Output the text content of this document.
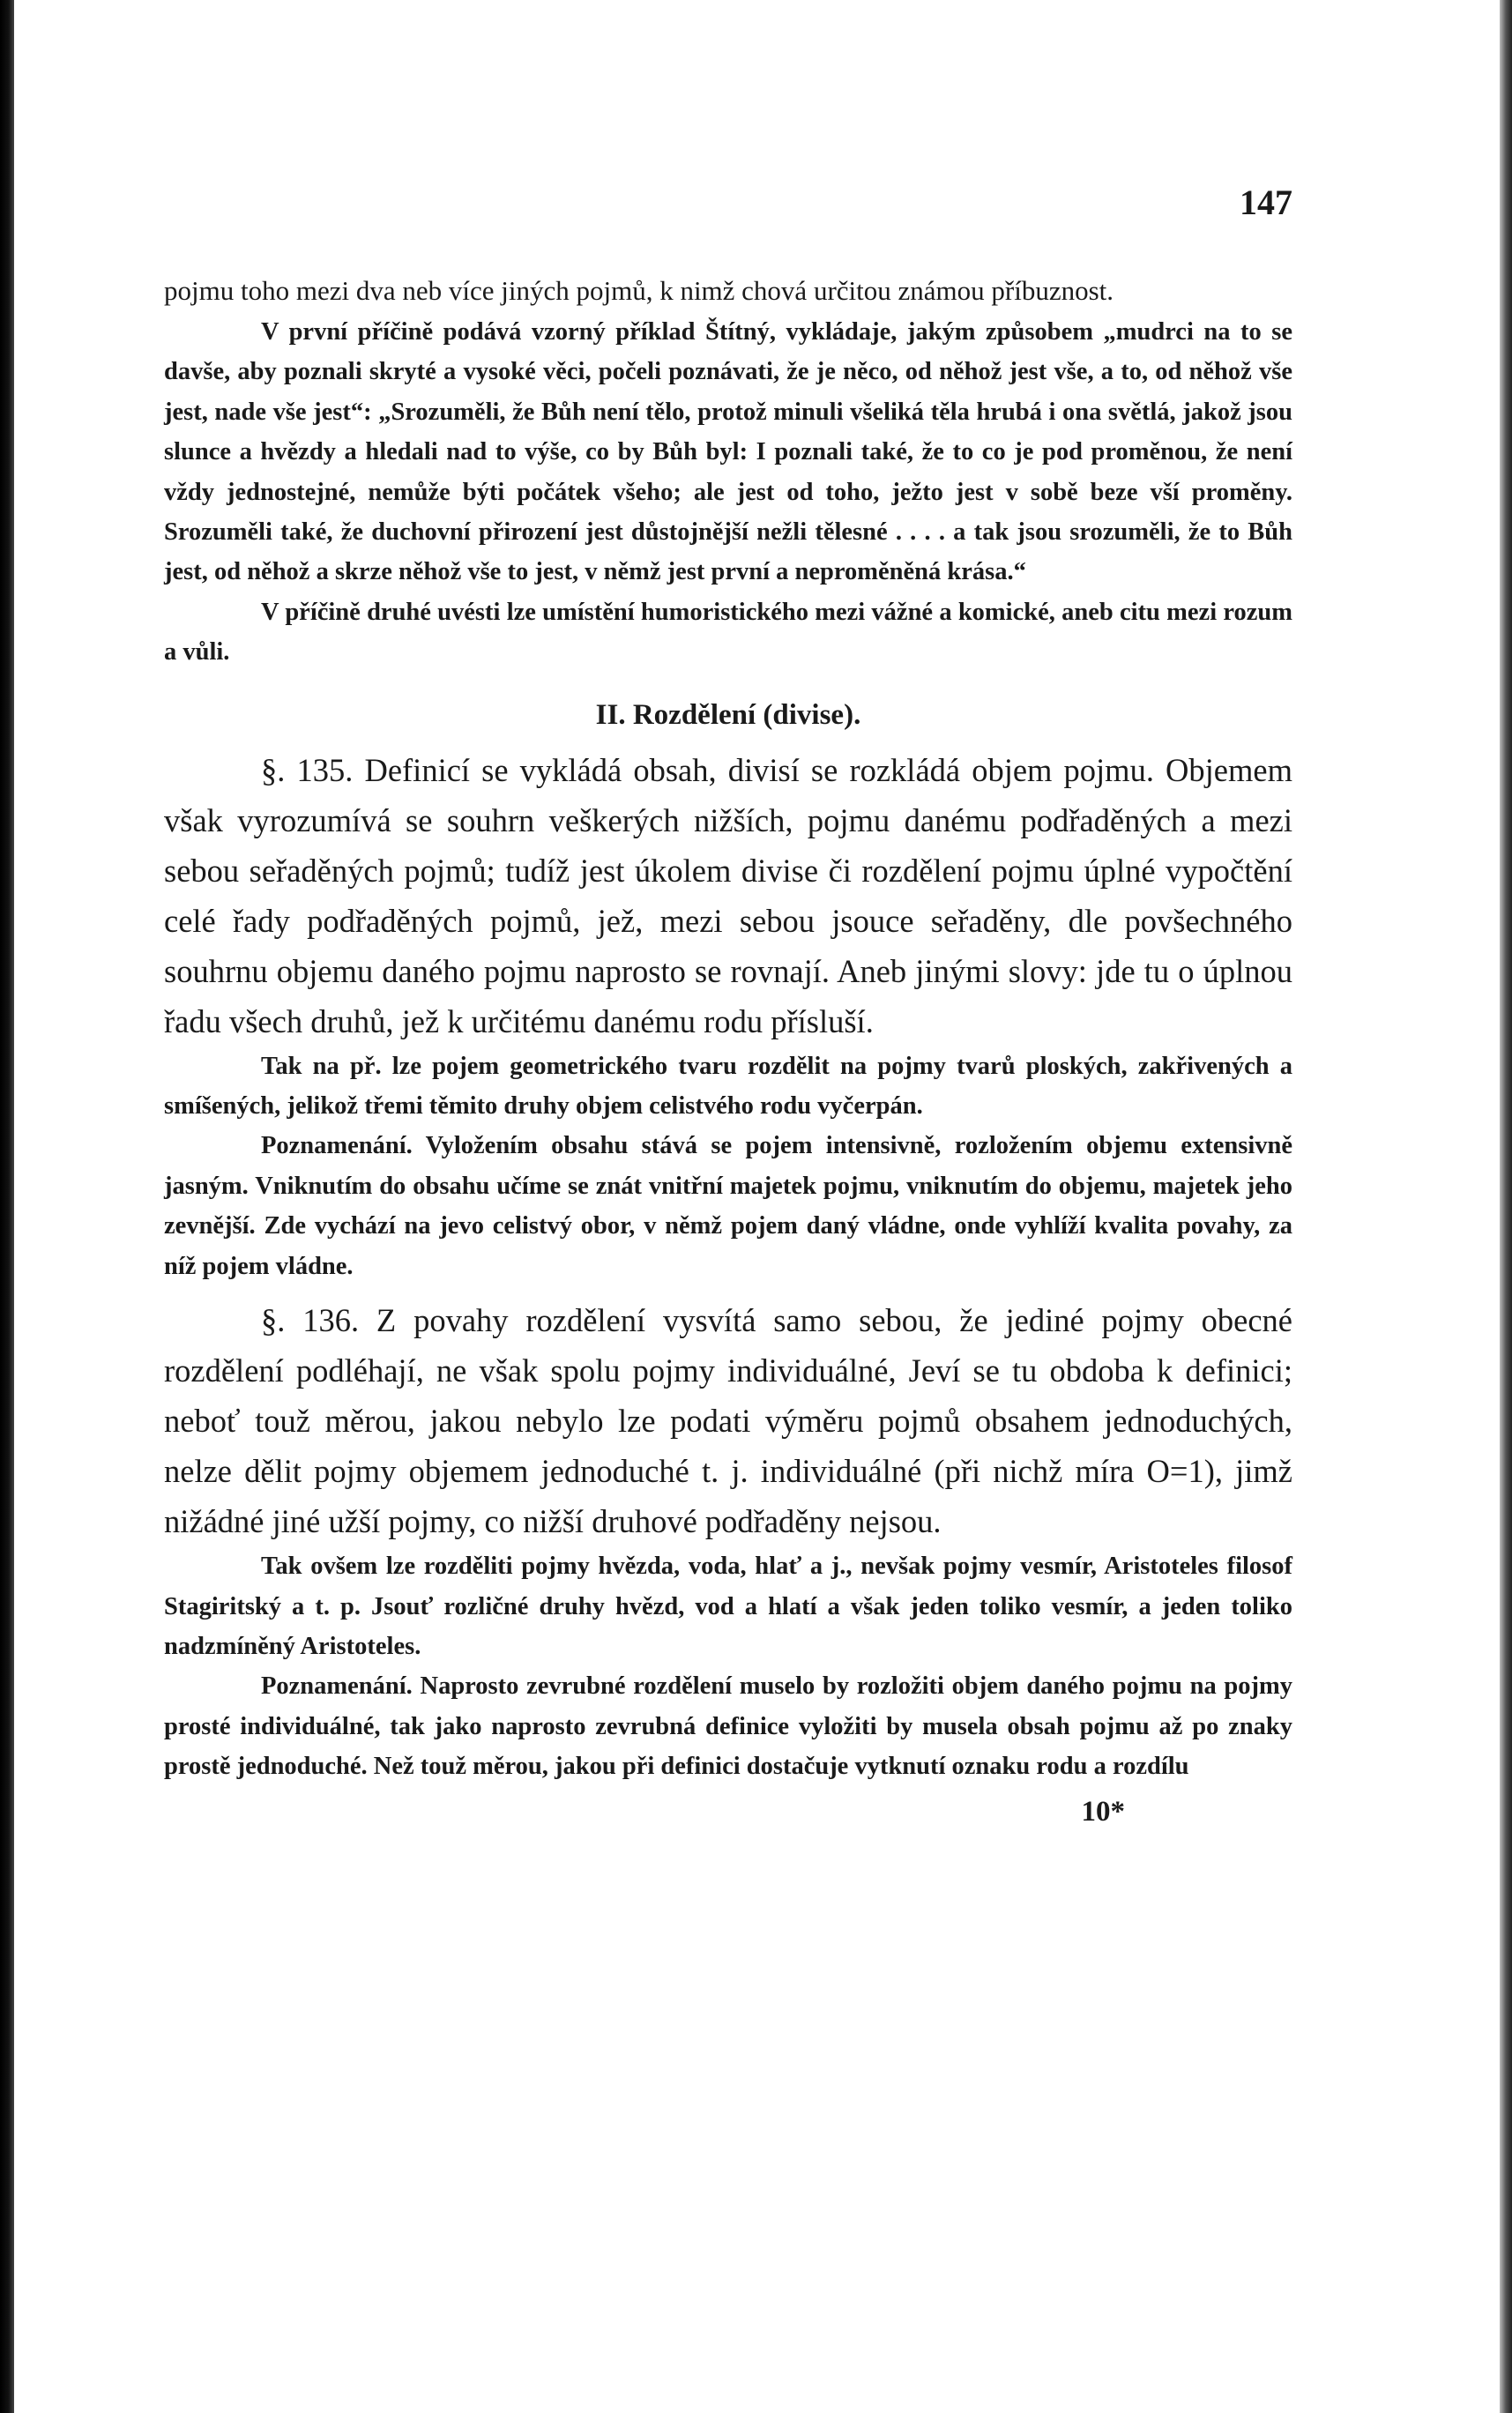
147

pojmu toho mezi dva neb více jiných pojmů, k nimž chová určitou známou příbuznost.

V první příčině podává vzorný příklad Štítný, vykládaje, jakým způsobem „mudrci na to se davše, aby poznali skryté a vysoké věci, počeli poznávati, že je něco, od něhož jest vše, a to, od něhož vše jest, nade vše jest“: „Srozuměli, že Bůh není tělo, protož minuli všeliká těla hrubá i ona světlá, jakož jsou slunce a hvězdy a hledali nad to výše, co by Bůh byl: I poznali také, že to co je pod proměnou, že není vždy jednostejné, nemůže býti počátek všeho; ale jest od toho, ježto jest v sobě beze vší proměny. Srozuměli také, že duchovní přirození jest důstojnější nežli tělesné . . . . a tak jsou srozuměli, že to Bůh jest, od něhož a skrze něhož vše to jest, v němž jest první a neproměněná krása.“

V příčině druhé uvésti lze umístění humoristického mezi vážné a komické, aneb citu mezi rozum a vůli.

II. Rozdělení (divise).

§. 135. Definicí se vykládá obsah, divisí se rozkládá objem pojmu. Objemem však vyrozumívá se souhrn veškerých nižších, pojmu danému podřaděných a mezi sebou seřaděných pojmů; tudíž jest úkolem divise či rozdělení pojmu úplné vypočtění celé řady podřaděných pojmů, jež, mezi sebou jsouce seřaděny, dle povšechného souhrnu objemu daného pojmu naprosto se rovnají. Aneb jinými slovy: jde tu o úplnou řadu všech druhů, jež k určitému danému rodu přísluší.

Tak na př. lze pojem geometrického tvaru rozdělit na pojmy tvarů ploských, zakřivených a smíšených, jelikož třemi těmito druhy objem celistvého rodu vyčerpán.

Poznamenání. Vyložením obsahu stává se pojem intensivně, rozložením objemu extensivně jasným. Vniknutím do obsahu učíme se znát vnitřní majetek pojmu, vniknutím do objemu, majetek jeho zevnější. Zde vychází na jevo celistvý obor, v němž pojem daný vládne, onde vyhlíží kvalita povahy, za níž pojem vládne.

§. 136. Z povahy rozdělení vysvítá samo sebou, že jediné pojmy obecné rozdělení podléhají, ne však spolu pojmy individuálné, Jeví se tu obdoba k definici; neboť touž měrou, jakou nebylo lze podati výměru pojmů obsahem jednoduchých, nelze dělit pojmy objemem jednoduché t. j. individuálné (při nichž míra O=1), jimž nižádné jiné užší pojmy, co nižší druhové podřaděny nejsou.

Tak ovšem lze rozděliti pojmy hvězda, voda, hlať a j., nevšak pojmy vesmír, Aristoteles filosof Stagiritský a t. p. Jsouť rozličné druhy hvězd, vod a hlatí a však jeden toliko vesmír, a jeden toliko nadzmíněný Aristoteles.

Poznamenání. Naprosto zevrubné rozdělení muselo by rozložiti objem daného pojmu na pojmy prosté individuálné, tak jako naprosto zevrubná definice vyložiti by musela obsah pojmu až po znaky prostě jednoduché. Než touž měrou, jakou při definici dostačuje vytknutí oznaku rodu a rozdílu

10*
